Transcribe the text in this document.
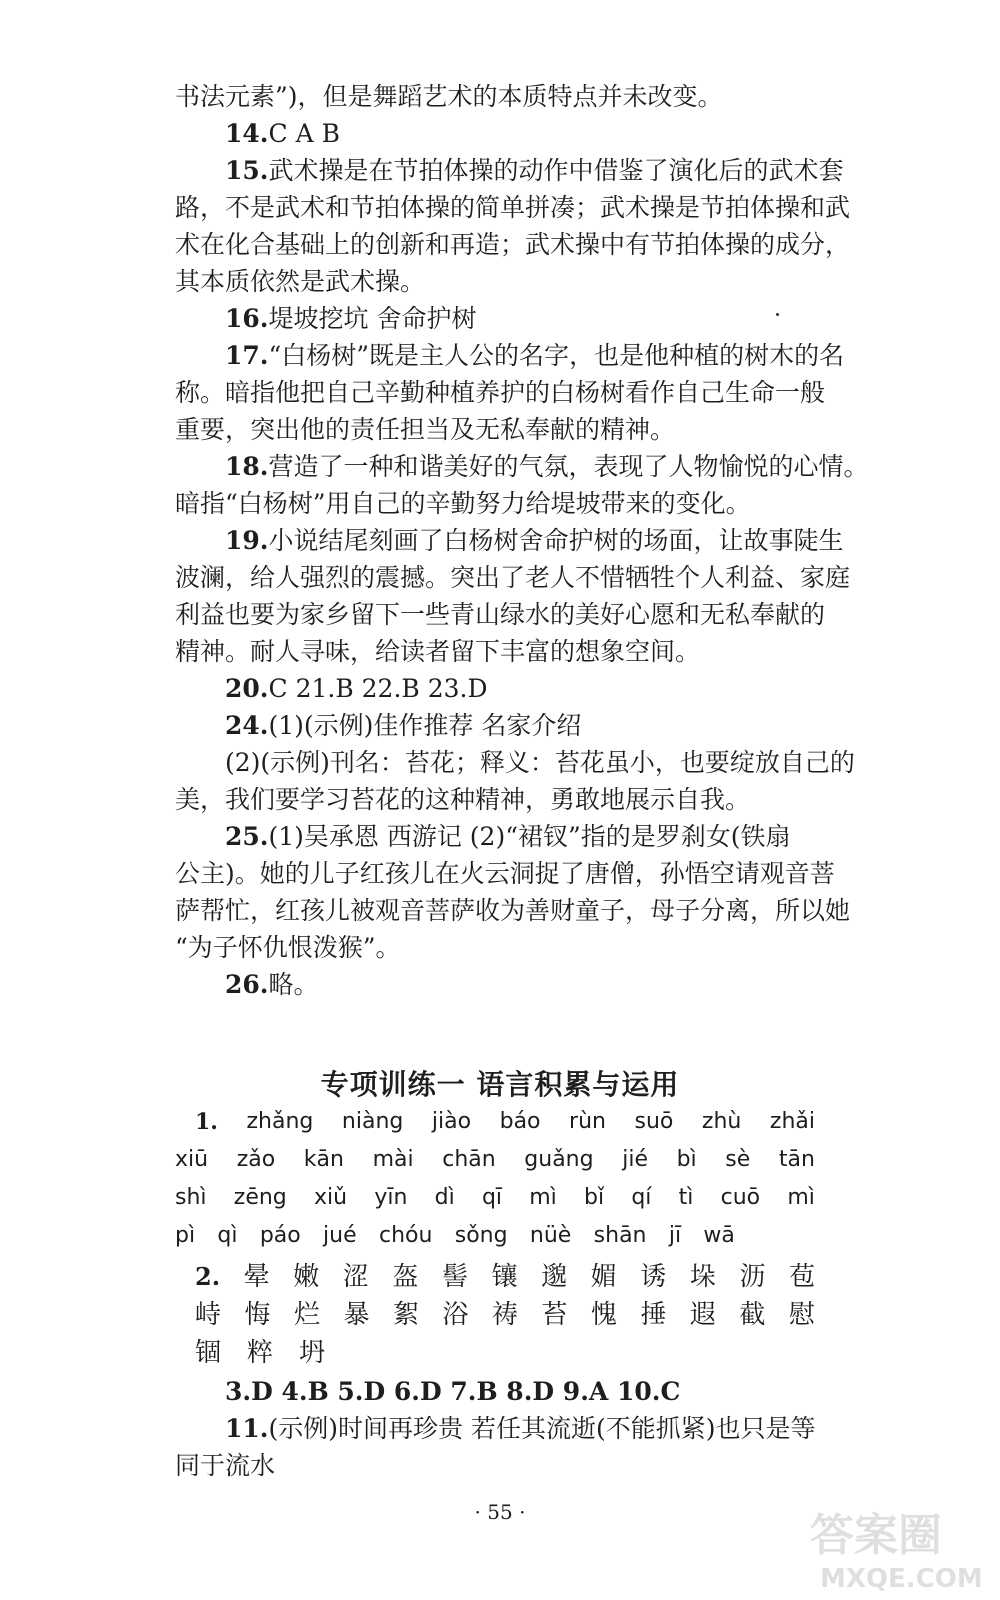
书法元素”)，但是舞蹈艺术的本质特点并未改变。
14.C A B
15.武术操是在节拍体操的动作中借鉴了演化后的武术套
路，不是武术和节拍体操的简单拼凑；武术操是节拍体操和武
术在化合基础上的创新和再造；武术操中有节拍体操的成分，
其本质依然是武术操。
16.堤坡挖坑 舍命护树
17.“白杨树”既是主人公的名字，也是他种植的树木的名
称。暗指他把自己辛勤种植养护的白杨树看作自己生命一般
重要，突出他的责任担当及无私奉献的精神。
18.营造了一种和谐美好的气氛，表现了人物愉悦的心情。
暗指“白杨树”用自己的辛勤努力给堤坡带来的变化。
19.小说结尾刻画了白杨树舍命护树的场面，让故事陡生
波澜，给人强烈的震撼。突出了老人不惜牺牲个人利益、家庭
利益也要为家乡留下一些青山绿水的美好心愿和无私奉献的
精神。耐人寻味，给读者留下丰富的想象空间。
20.C 21.B 22.B 23.D
24.(1)(示例)佳作推荐 名家介绍
(2)(示例)刊名：苔花；释义：苔花虽小，也要绽放自己的
美，我们要学习苔花的这种精神，勇敢地展示自我。
25.(1)吴承恩 西游记 (2)“裙钗”指的是罗刹女(铁扇
公主)。她的儿子红孩儿在火云洞捉了唐僧，孙悟空请观音菩
萨帮忙，红孩儿被观音菩萨收为善财童子，母子分离，所以她
“为子怀仇恨泼猴”。
26.略。
专项训练一 语言积累与运用
1. zhǎng niàng jiào báo rùn suō zhù zhǎi
xiū zǎo kān mài chān guǎng jié bì sè tān
shì zēng xiǔ yīn dì qī mì bǐ qí tì cuō mì
pì qì páo jué chóu sǒng nüè shān jī wā
2. 晕 嫩 涩 盔 髻 镶 邈 媚 诱 垛 沥 苞
峙 悔 烂 暴 絮 浴 祷 苔 愧 捶 遐 截 慰
锢 粹 坍
3.D 4.B 5.D 6.D 7.B 8.D 9.A 10.C
11.(示例)时间再珍贵 若任其流逝(不能抓紧)也只是等
同于流水
· 55 ·	答案圈
MXQE.COM
